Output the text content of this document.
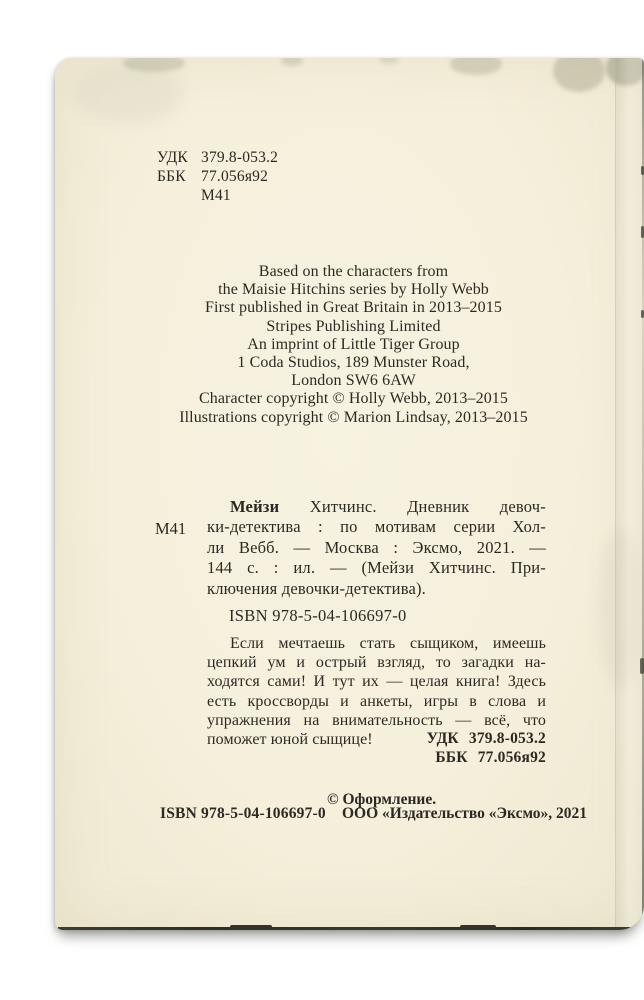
УДК 379.8-053.2
ББК 77.056я92
М41
Based on the characters from
the Maisie Hitchins series by Holly Webb
First published in Great Britain in 2013–2015
Stripes Publishing Limited
An imprint of Little Tiger Group
1 Coda Studios, 189 Munster Road,
London SW6 6AW
Character copyright © Holly Webb, 2013–2015
Illustrations copyright © Marion Lindsay, 2013–2015
М41
Мейзи Хитчинс. Дневник девоч-
ки-детектива : по мотивам серии Хол-
ли Вебб. — Москва : Эксмо, 2021. —
144 с. : ил. — (Мейзи Хитчинс. При-
ключения девочки-детектива).
ISBN 978-5-04-106697-0
Если мечтаешь стать сыщиком, имеешь
цепкий ум и острый взгляд, то загадки на-
ходятся сами! И тут их — целая книга! Здесь
есть кроссворды и анкеты, игры в слова и
упражнения на внимательность — всё, что
поможет юной сыщице!	УДК 379.8-053.2
ББК 77.056я92
© Оформление.
ISBN 978-5-04-106697-0 ООО «Издательство «Эксмо», 2021
